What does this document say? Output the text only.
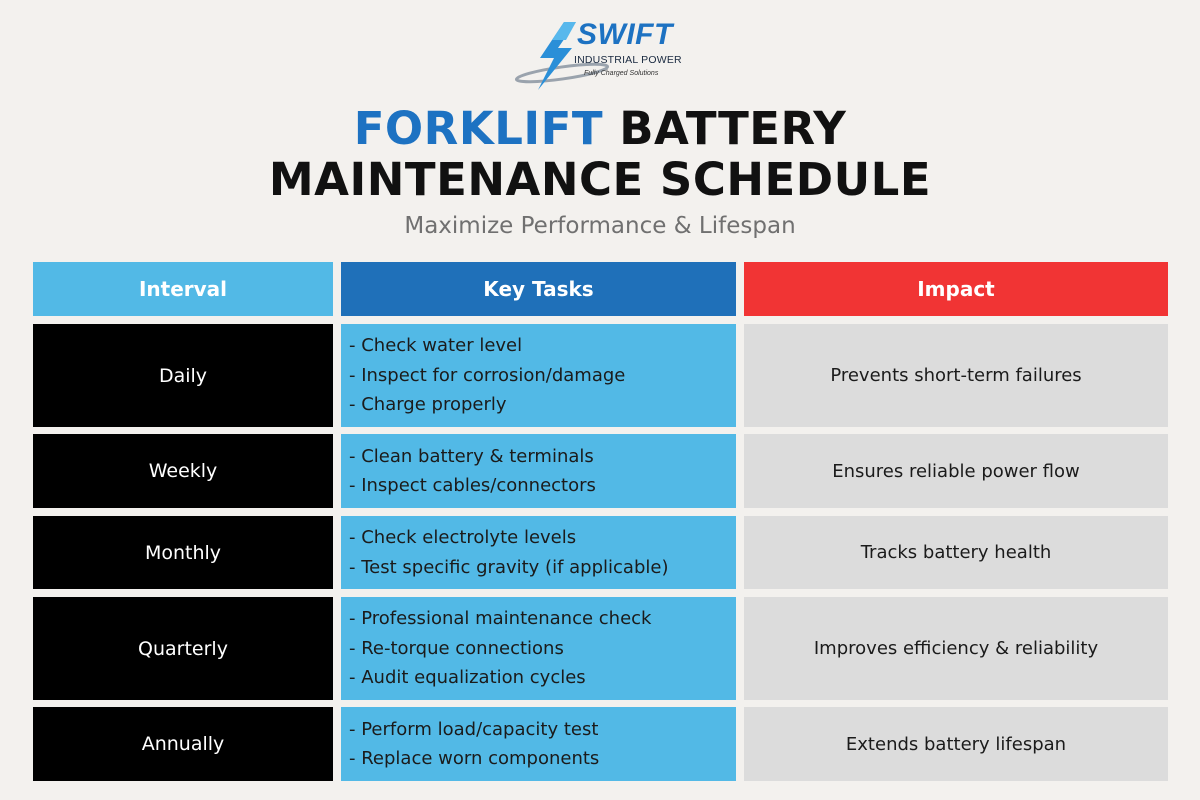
SWIFT
INDUSTRIAL POWER
Fully Charged Solutions
FORKLIFT BATTERY
MAINTENANCE SCHEDULE
Maximize Performance & Lifespan
Interval	Key Tasks	Impact
Daily
- Check water level
- Inspect for corrosion/damage
- Charge properly
Prevents short-term failures
Weekly
- Clean battery & terminals
- Inspect cables/connectors
Ensures reliable power flow
Monthly
- Check electrolyte levels
- Test specific gravity (if applicable)
Tracks battery health
Quarterly
- Professional maintenance check
- Re-torque connections
- Audit equalization cycles
Improves efficiency & reliability
Annually
- Perform load/capacity test
- Replace worn components
Extends battery lifespan
